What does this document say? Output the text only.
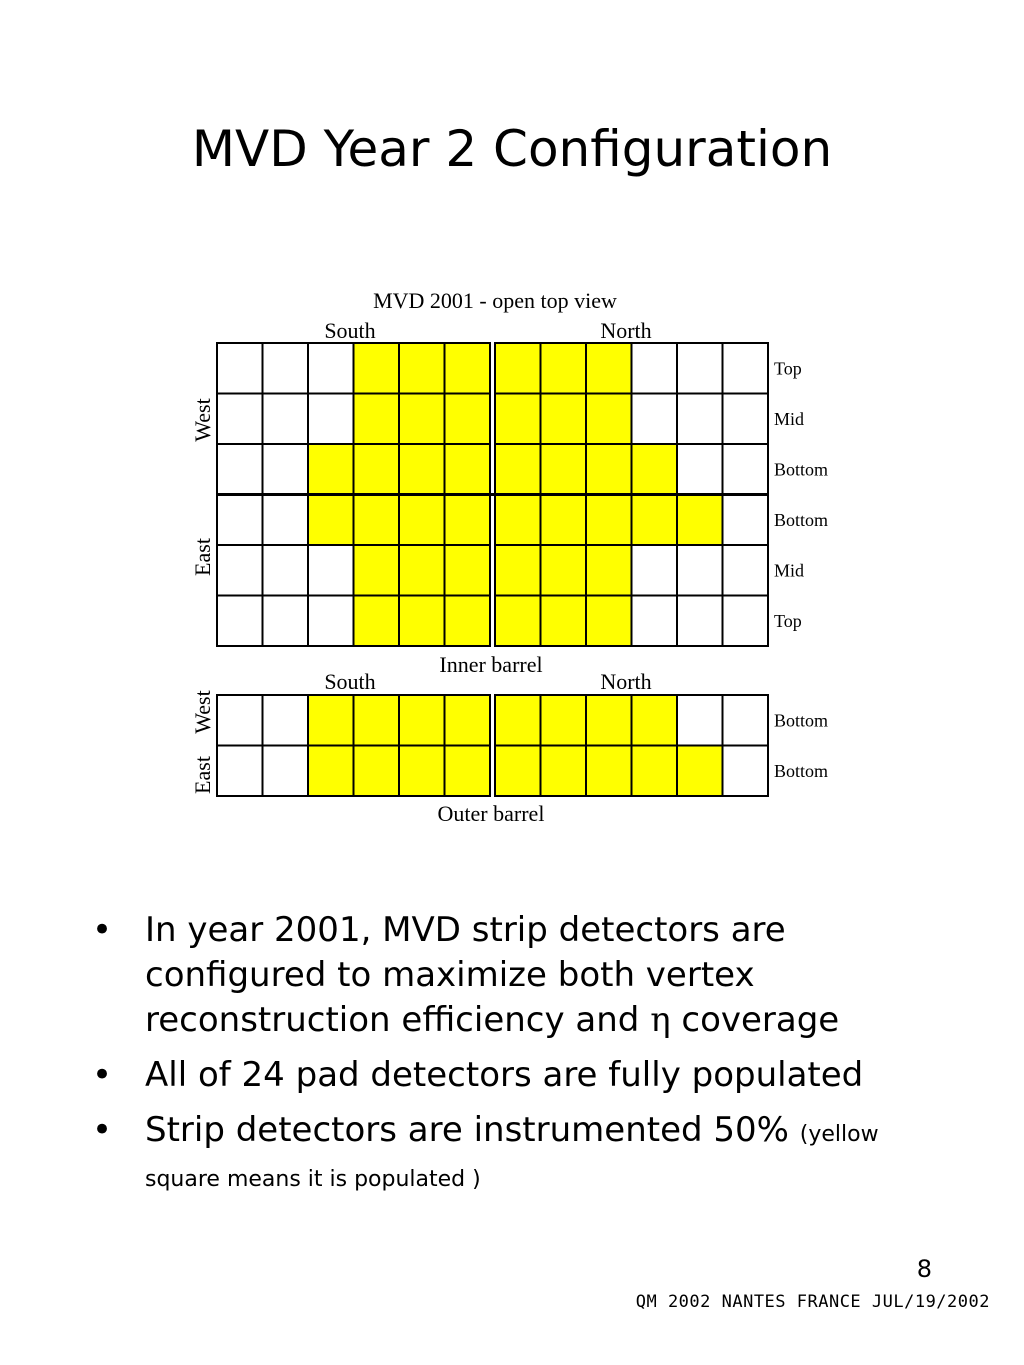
MVD Year 2 Configuration
MVD 2001 - open top view
South	North
West
East
Top
Mid
Bottom
Bottom
Mid
Top
Inner barrel
South	North
West
East
Bottom
Bottom
Outer barrel
• In year 2001, MVD strip detectors are configured to maximize both vertex reconstruction efficiency and η coverage
• All of 24 pad detectors are fully populated
• Strip detectors are instrumented 50% (yellow square means it is populated )
8
QM 2002 NANTES FRANCE JUL/19/2002
